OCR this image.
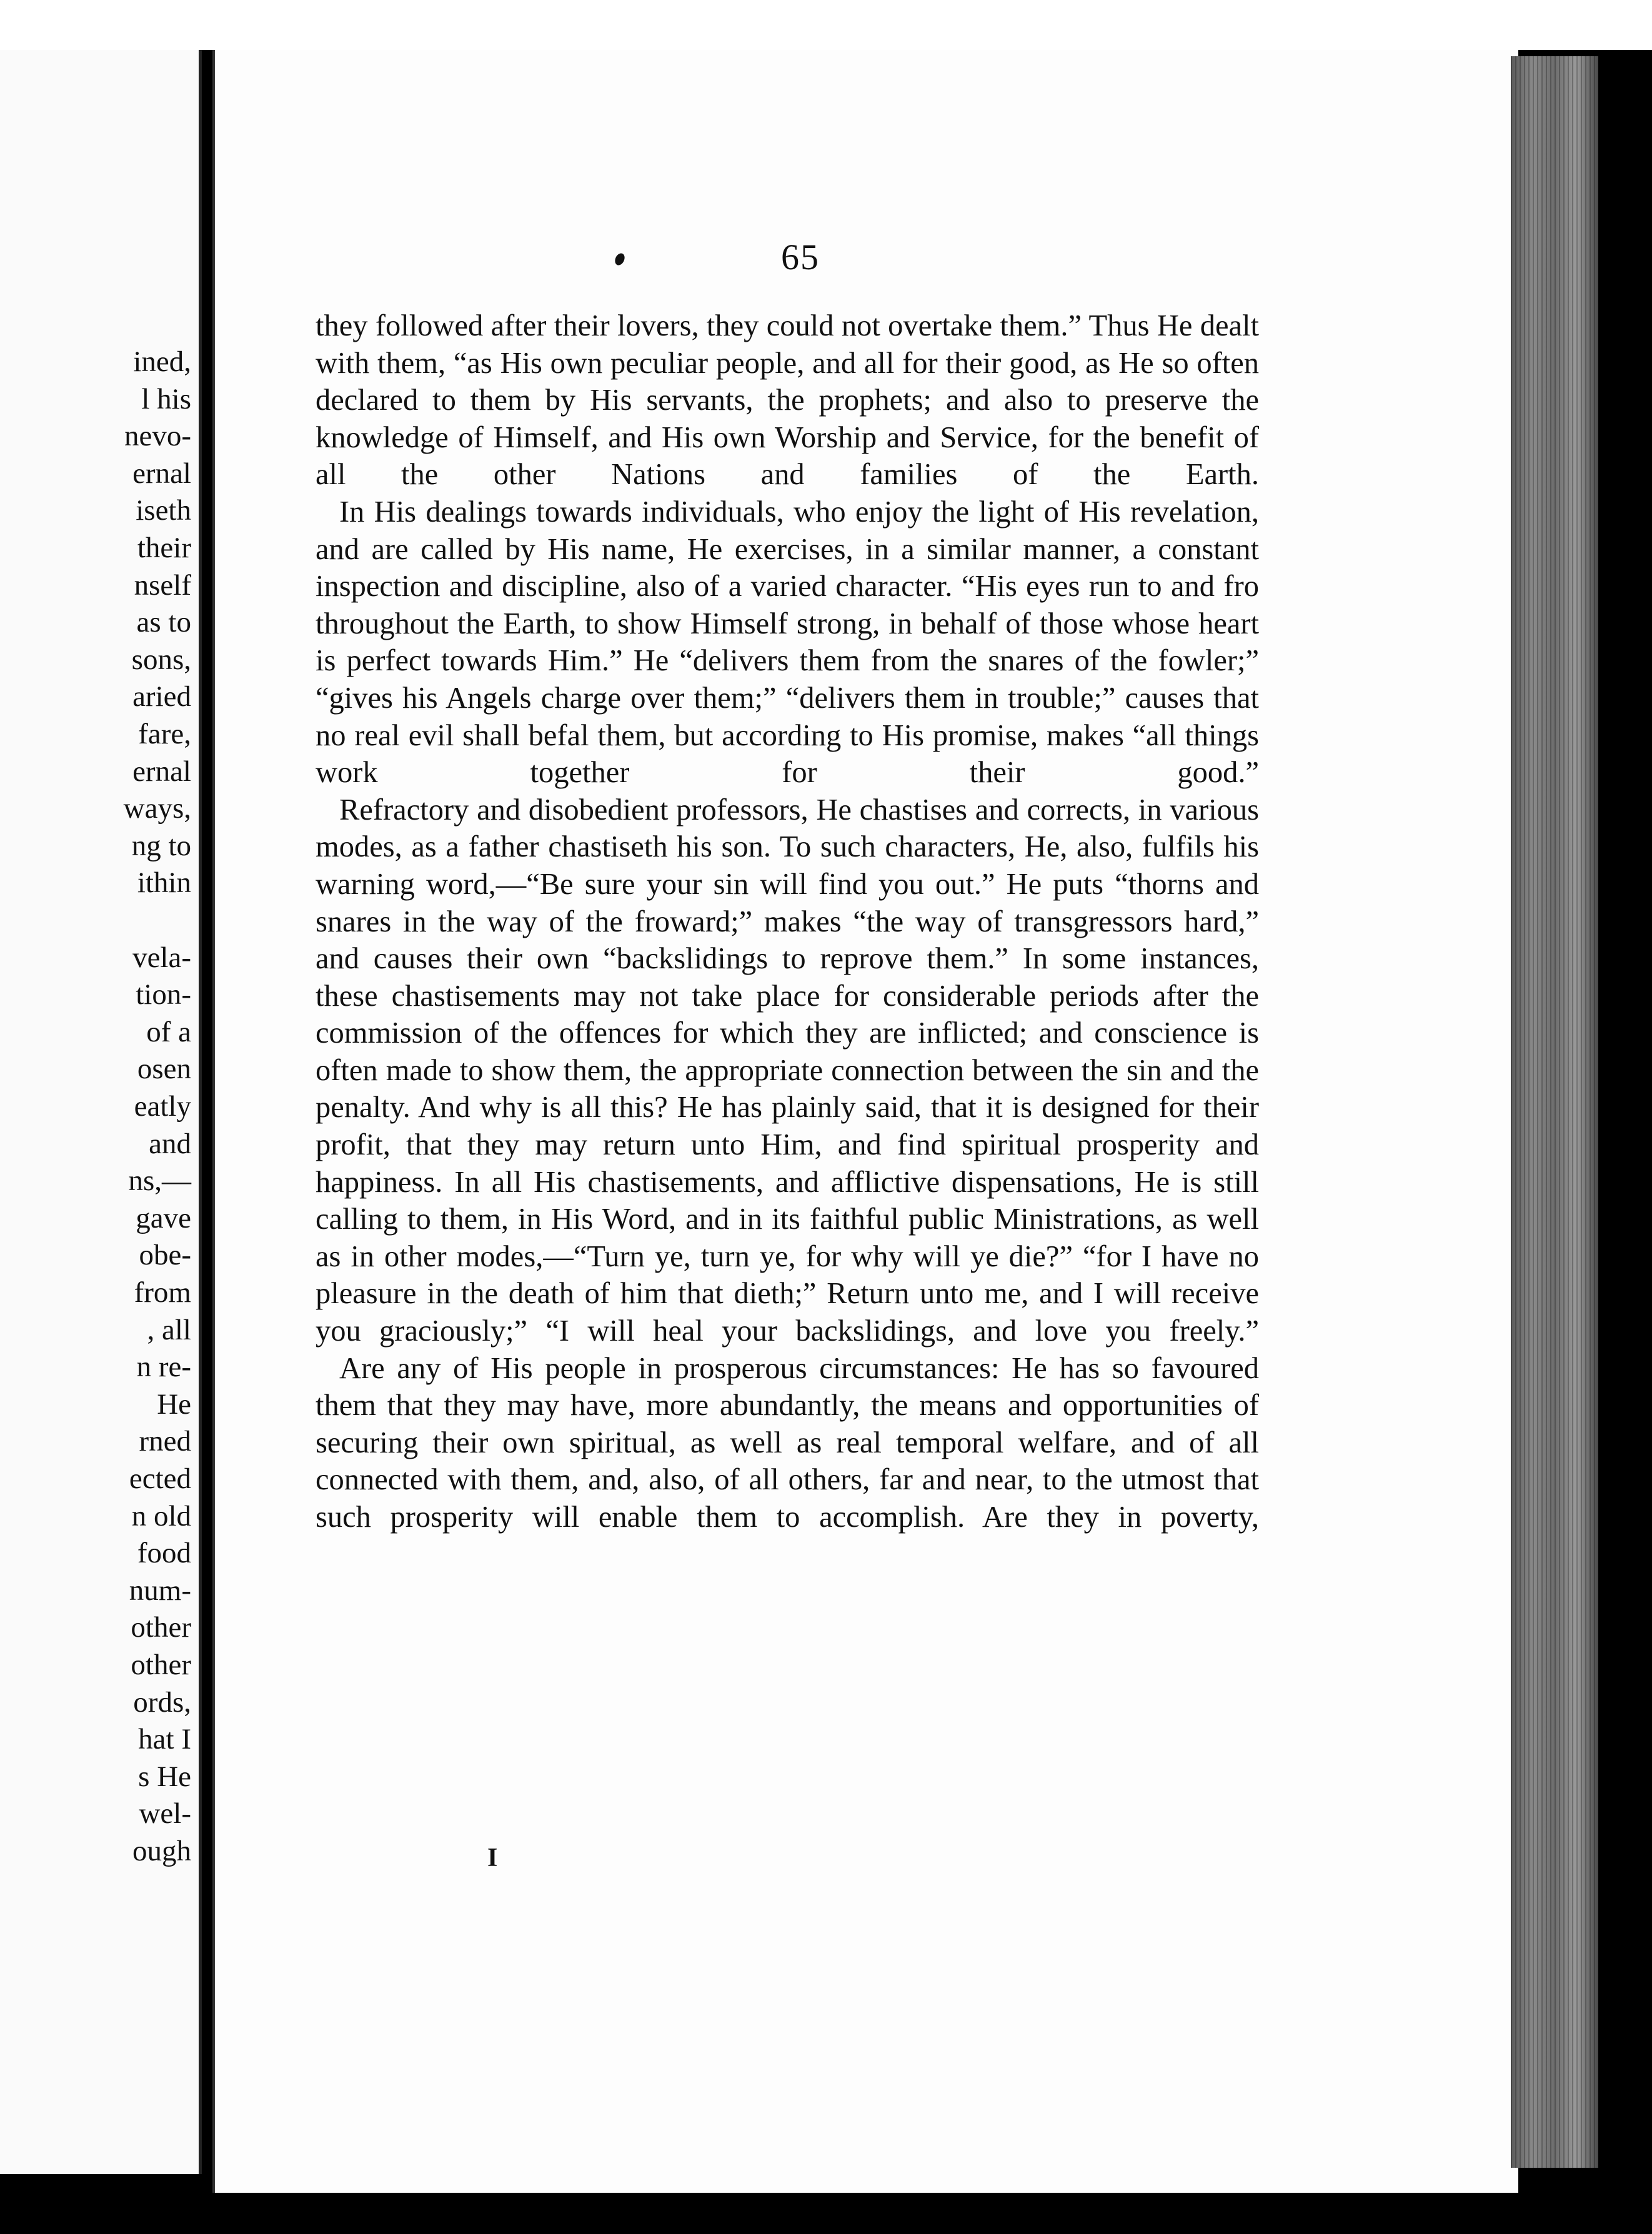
ined,
l his
nevo-
ernal
iseth
their
nself
as to
sons,
aried
fare,
ernal
ways,
ng to
ithin
vela-
tion-
of a
osen
eatly
and
ns,—
gave
obe-
from
, all
n re-
He
rned
ected
n old
food
num-
other
other
ords,
hat I
s He
wel-
ough
65

they followed after their lovers, they could not overtake them.” Thus He dealt with them, “as His own peculiar people, and all for their good, as He so often declared to them by His servants, the prophets; and also to preserve the knowledge of Himself, and His own Worship and Service, for the benefit of all the other Nations and families of the Earth.

In His dealings towards individuals, who enjoy the light of His revelation, and are called by His name, He exercises, in a similar manner, a constant inspection and discipline, also of a varied character. “His eyes run to and fro throughout the Earth, to show Himself strong, in behalf of those whose heart is perfect towards Him.” He “delivers them from the snares of the fowler;” “gives his Angels charge over them;” “delivers them in trouble;” causes that no real evil shall befal them, but according to His promise, makes “all things work together for their good.”

Refractory and disobedient professors, He chastises and corrects, in various modes, as a father chastiseth his son. To such characters, He, also, fulfils his warning word,—“Be sure your sin will find you out.” He puts “thorns and snares in the way of the froward;” makes “the way of transgressors hard,” and causes their own “backslidings to reprove them.” In some instances, these chastisements may not take place for considerable periods after the commission of the offences for which they are inflicted; and conscience is often made to show them, the appropriate connection between the sin and the penalty. And why is all this? He has plainly said, that it is designed for their profit, that they may return unto Him, and find spiritual prosperity and happiness. In all His chastisements, and afflictive dispensations, He is still calling to them, in His Word, and in its faithful public Ministrations, as well as in other modes,—“Turn ye, turn ye, for why will ye die?” “for I have no pleasure in the death of him that dieth;” Return unto me, and I will receive you graciously;” “I will heal your backslidings, and love you freely.”

Are any of His people in prosperous circumstances: He has so favoured them that they may have, more abundantly, the means and opportunities of securing their own spiritual, as well as real temporal welfare, and of all connected with them, and, also, of all others, far and near, to the utmost that such prosperity will enable them to accomplish. Are they in poverty,

I
